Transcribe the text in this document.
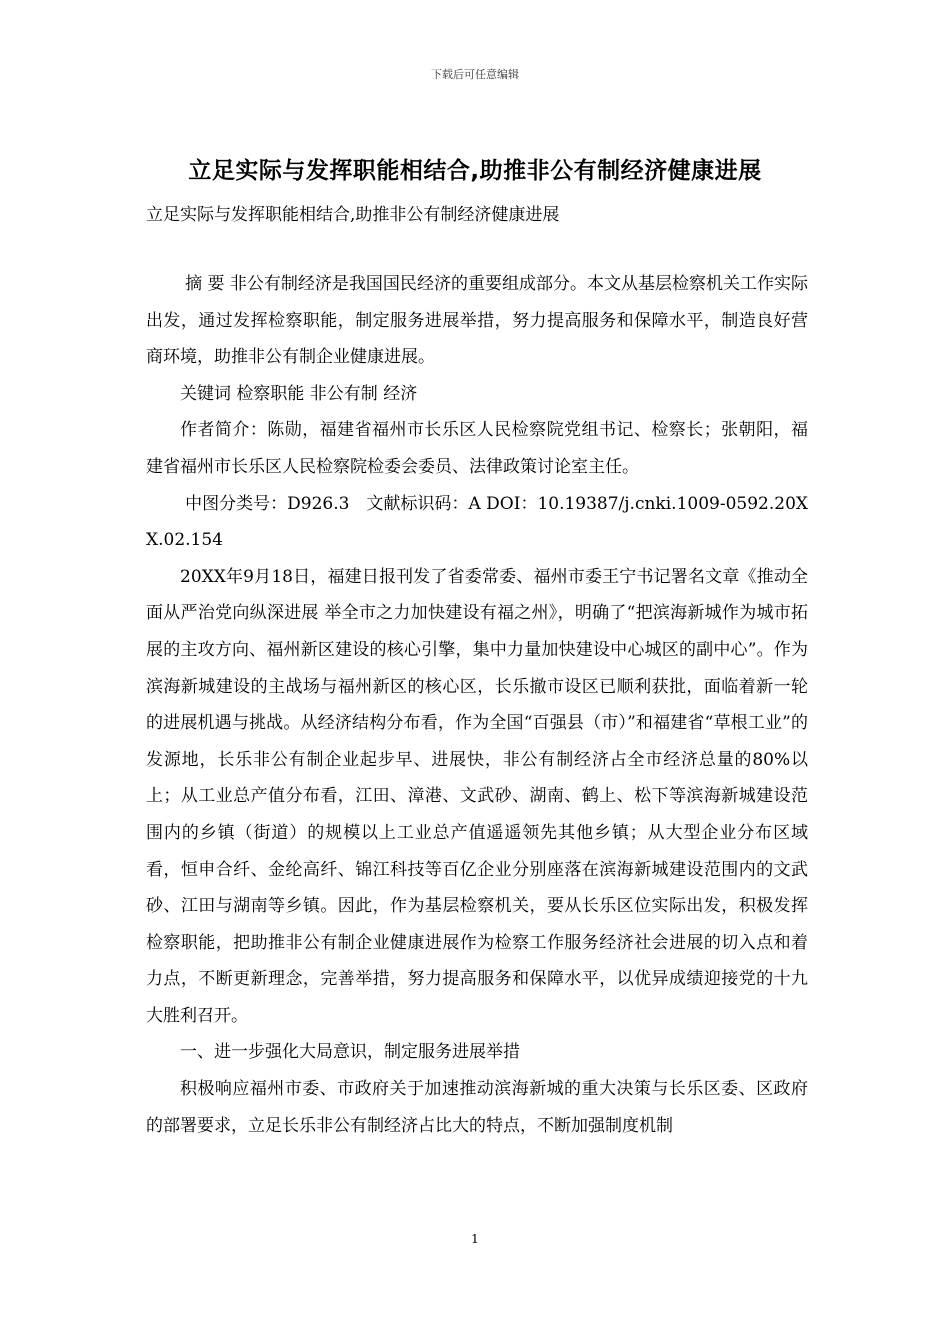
下载后可任意编辑
立足实际与发挥职能相结合,助推非公有制经济健康进展
立足实际与发挥职能相结合,助推非公有制经济健康进展

摘 要 非公有制经济是我国国民经济的重要组成部分。本文从基层检察机关工作实际出发，通过发挥检察职能，制定服务进展举措，努力提高服务和保障水平，制造良好营商环境，助推非公有制企业健康进展。

关键词 检察职能 非公有制 经济

作者简介：陈勋，福建省福州市长乐区人民检察院党组书记、检察长；张朝阳，福建省福州市长乐区人民检察院检委会委员、法律政策讨论室主任。

中图分类号：D926.3　文献标识码：A DOI：10.19387/j.cnki.1009-0592.20XX.02.154

20XX年9月18日，福建日报刊发了省委常委、福州市委王宁书记署名文章《推动全面从严治党向纵深进展 举全市之力加快建设有福之州》，明确了“把滨海新城作为城市拓展的主攻方向、福州新区建设的核心引擎，集中力量加快建设中心城区的副中心”。作为滨海新城建设的主战场与福州新区的核心区，长乐撤市设区已顺利获批，面临着新一轮的进展机遇与挑战。从经济结构分布看，作为全国“百强县（市）”和福建省“草根工业”的发源地，长乐非公有制企业起步早、进展快，非公有制经济占全市经济总量的80%以上；从工业总产值分布看，江田、漳港、文武砂、湖南、鹤上、松下等滨海新城建设范围内的乡镇（街道）的规模以上工业总产值遥遥领先其他乡镇；从大型企业分布区域看，恒申合纤、金纶高纤、锦江科技等百亿企业分别座落在滨海新城建设范围内的文武砂、江田与湖南等乡镇。因此，作为基层检察机关，要从长乐区位实际出发，积极发挥检察职能，把助推非公有制企业健康进展作为检察工作服务经济社会进展的切入点和着力点，不断更新理念，完善举措，努力提高服务和保障水平，以优异成绩迎接党的十九大胜利召开。

一、进一步强化大局意识，制定服务进展举措

积极响应福州市委、市政府关于加速推动滨海新城的重大决策与长乐区委、区政府的部署要求，立足长乐非公有制经济占比大的特点，不断加强制度机制

1
